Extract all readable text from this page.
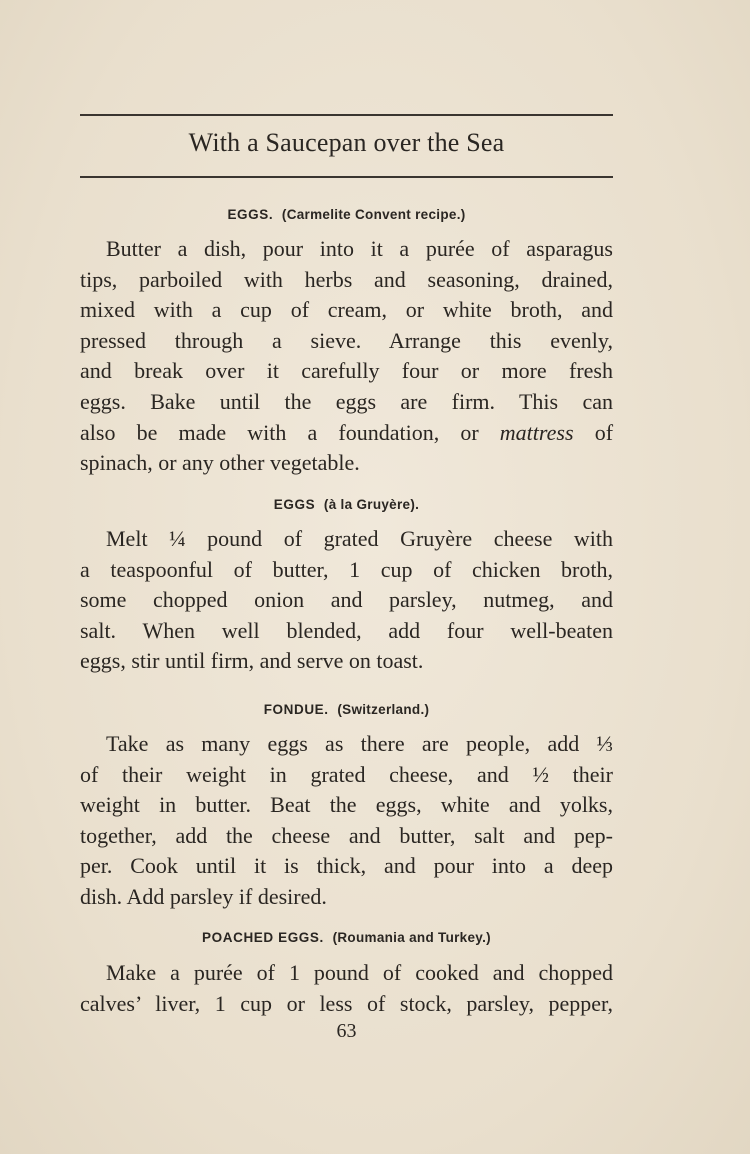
With a Saucepan over the Sea
EGGS. (Carmelite Convent recipe.)
Butter a dish, pour into it a purée of asparagus
tips, parboiled with herbs and seasoning, drained,
mixed with a cup of cream, or white broth, and
pressed through a sieve. Arrange this evenly,
and break over it carefully four or more fresh
eggs. Bake until the eggs are firm. This can
also be made with a foundation, or mattress of
spinach, or any other vegetable.
EGGS (à la Gruyère).
Melt ¼ pound of grated Gruyère cheese with
a teaspoonful of butter, 1 cup of chicken broth,
some chopped onion and parsley, nutmeg, and
salt. When well blended, add four well-beaten
eggs, stir until firm, and serve on toast.
FONDUE. (Switzerland.)
Take as many eggs as there are people, add ⅓
of their weight in grated cheese, and ½ their
weight in butter. Beat the eggs, white and yolks,
together, add the cheese and butter, salt and pep-
per. Cook until it is thick, and pour into a deep
dish. Add parsley if desired.
POACHED EGGS. (Roumania and Turkey.)
Make a purée of 1 pound of cooked and chopped
calves’ liver, 1 cup or less of stock, parsley, pepper,
63
